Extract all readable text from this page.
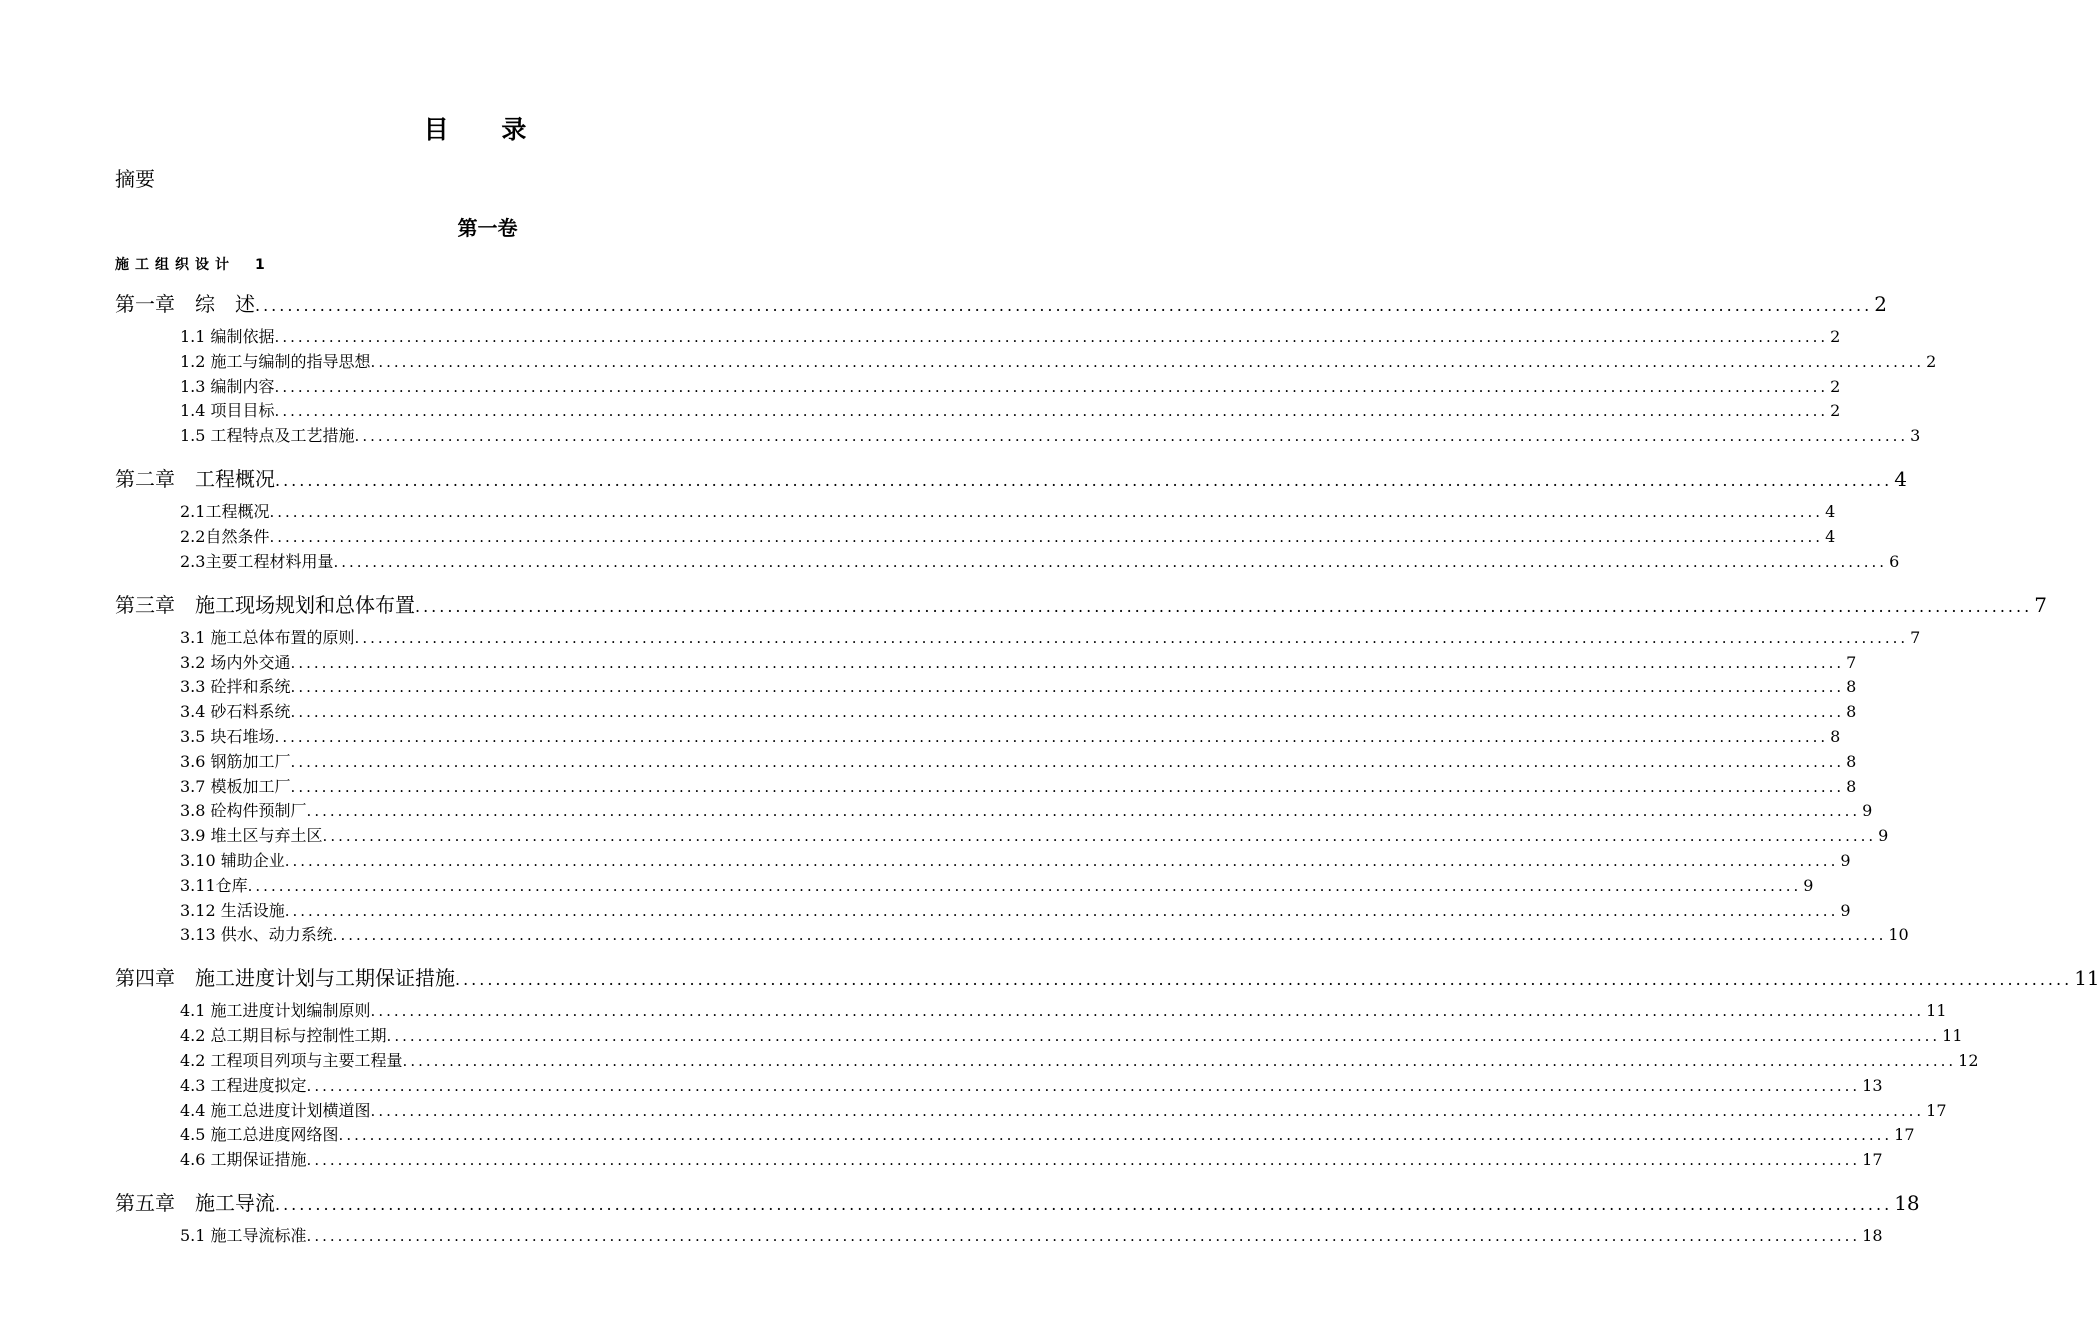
目 录
摘要
第一卷
施工组织设计　1
第一章　综　述 ........................................................................................................................................................................................................ 2
1.1 编制依据 ........................................................................................................................................................................................................ 2
1.2 施工与编制的指导思想 ........................................................................................................................................................................................................ 2
1.3 编制内容 ........................................................................................................................................................................................................ 2
1.4 项目目标 ........................................................................................................................................................................................................ 2
1.5 工程特点及工艺措施 ........................................................................................................................................................................................................ 3
第二章　工程概况 ........................................................................................................................................................................................................ 4
2.1工程概况 ........................................................................................................................................................................................................ 4
2.2自然条件 ........................................................................................................................................................................................................ 4
2.3主要工程材料用量 ........................................................................................................................................................................................................ 6
第三章　施工现场规划和总体布置 ........................................................................................................................................................................................................ 7
3.1 施工总体布置的原则 ........................................................................................................................................................................................................ 7
3.2 场内外交通 ........................................................................................................................................................................................................ 7
3.3 砼拌和系统 ........................................................................................................................................................................................................ 8
3.4 砂石料系统 ........................................................................................................................................................................................................ 8
3.5 块石堆场 ........................................................................................................................................................................................................ 8
3.6 钢筋加工厂 ........................................................................................................................................................................................................ 8
3.7 模板加工厂 ........................................................................................................................................................................................................ 8
3.8 砼构件预制厂 ........................................................................................................................................................................................................ 9
3.9 堆土区与弃土区 ........................................................................................................................................................................................................ 9
3.10 辅助企业 ........................................................................................................................................................................................................ 9
3.11仓库 ........................................................................................................................................................................................................ 9
3.12 生活设施 ........................................................................................................................................................................................................ 9
3.13 供水、动力系统 ........................................................................................................................................................................................................ 10
第四章　施工进度计划与工期保证措施 ........................................................................................................................................................................................................ 11
4.1 施工进度计划编制原则 ........................................................................................................................................................................................................ 11
4.2 总工期目标与控制性工期 ........................................................................................................................................................................................................ 11
4.2 工程项目列项与主要工程量 ........................................................................................................................................................................................................ 12
4.3 工程进度拟定 ........................................................................................................................................................................................................ 13
4.4 施工总进度计划横道图 ........................................................................................................................................................................................................ 17
4.5 施工总进度网络图 ........................................................................................................................................................................................................ 17
4.6 工期保证措施 ........................................................................................................................................................................................................ 17
第五章　施工导流 ........................................................................................................................................................................................................ 18
5.1 施工导流标准 ........................................................................................................................................................................................................ 18
